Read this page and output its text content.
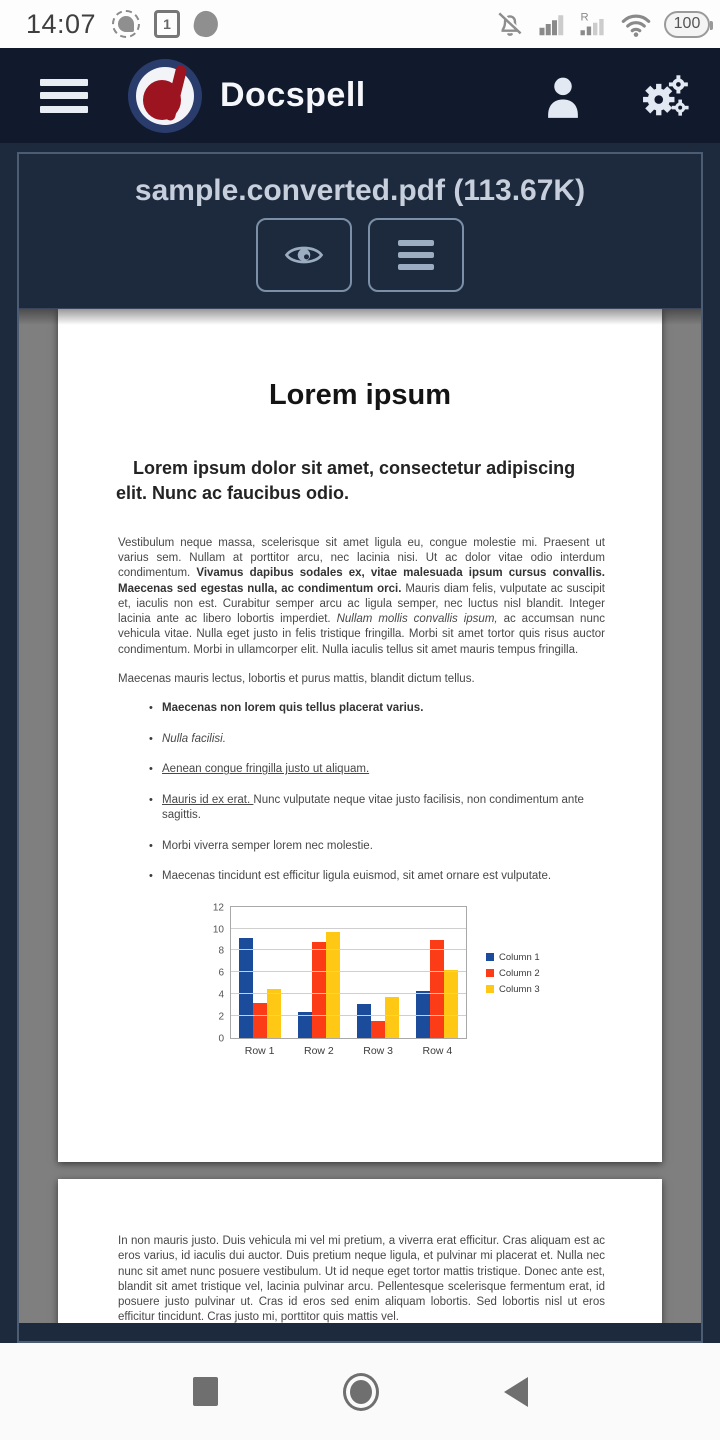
14:07	1	R	100
Docspell
sample.converted.pdf (113.67K)
Lorem ipsum
Lorem ipsum dolor sit amet, consectetur adipiscing elit. Nunc ac faucibus odio.

Vestibulum neque massa, scelerisque sit amet ligula eu, congue molestie mi. Praesent ut varius sem. Nullam at porttitor arcu, nec lacinia nisi. Ut ac dolor vitae odio interdum condimentum. Vivamus dapibus sodales ex, vitae malesuada ipsum cursus convallis. Maecenas sed egestas nulla, ac condimentum orci. Mauris diam felis, vulputate ac suscipit et, iaculis non est. Curabitur semper arcu ac ligula semper, nec luctus nisl blandit. Integer lacinia ante ac libero lobortis imperdiet. Nullam mollis convallis ipsum, ac accumsan nunc vehicula vitae. Nulla eget justo in felis tristique fringilla. Morbi sit amet tortor quis risus auctor condimentum. Morbi in ullamcorper elit. Nulla iaculis tellus sit amet mauris tempus fringilla.

Maecenas mauris lectus, lobortis et purus mattis, blandit dictum tellus.

• Maecenas non lorem quis tellus placerat varius.
• Nulla facilisi.
• Aenean congue fringilla justo ut aliquam.
• Mauris id ex erat. Nunc vulputate neque vitae justo facilisis, non condimentum ante sagittis.
• Morbi viverra semper lorem nec molestie.
• Maecenas tincidunt est efficitur ligula euismod, sit amet ornare est vulputate.
0
2
4
6
8
10
12
Row 1	Row 2	Row 3	Row 4
Column 1
Column 2
Column 3

In non mauris justo. Duis vehicula mi vel mi pretium, a viverra erat efficitur. Cras aliquam est ac eros varius, id iaculis dui auctor. Duis pretium neque ligula, et pulvinar mi placerat et. Nulla nec nunc sit amet nunc posuere vestibulum. Ut id neque eget tortor mattis tristique. Donec ante est, blandit sit amet tristique vel, lacinia pulvinar arcu. Pellentesque scelerisque fermentum erat, id posuere justo pulvinar ut. Cras id eros sed enim aliquam lobortis. Sed lobortis nisl ut eros efficitur tincidunt. Cras justo mi, porttitor quis mattis vel.
